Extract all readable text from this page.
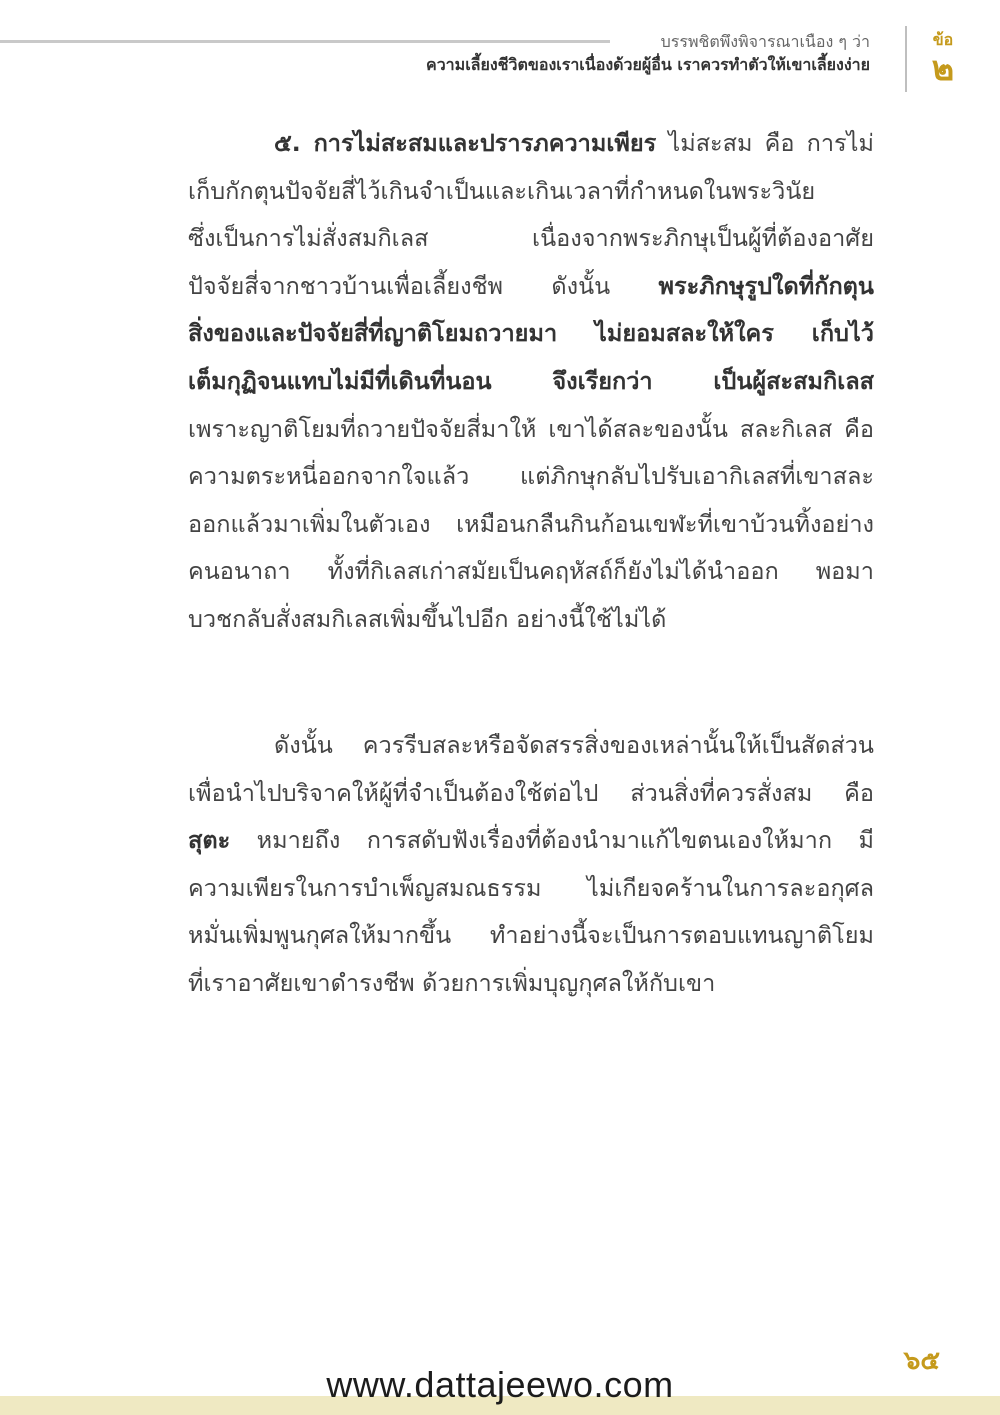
บรรพชิตพึงพิจารณาเนือง ๆ ว่า
ความเลี้ยงชีวิตของเราเนื่องด้วยผู้อื่น เราควรทำตัวให้เขาเลี้ยงง่าย
ข้อ
๒
๕. การไม่สะสมและปรารภความเพียร ไม่สะสม คือ การไม่
เก็บกักตุนปัจจัยสี่ไว้เกินจำเป็นและเกินเวลาที่กำหนดในพระวินัย
ซึ่งเป็นการไม่สั่งสมกิเลส เนื่องจากพระภิกษุเป็นผู้ที่ต้องอาศัย
ปัจจัยสี่จากชาวบ้านเพื่อเลี้ยงชีพ ดังนั้น พระภิกษุรูปใดที่กักตุน
สิ่งของและปัจจัยสี่ที่ญาติโยมถวายมา ไม่ยอมสละให้ใคร เก็บไว้
เต็มกุฏิจนแทบไม่มีที่เดินที่นอน จึงเรียกว่า เป็นผู้สะสมกิเลส
เพราะญาติโยมที่ถวายปัจจัยสี่มาให้ เขาได้สละของนั้น สละกิเลส คือ
ความตระหนี่ออกจากใจแล้ว แต่ภิกษุกลับไปรับเอากิเลสที่เขาสละ
ออกแล้วมาเพิ่มในตัวเอง เหมือนกลืนกินก้อนเขฬะที่เขาบ้วนทิ้งอย่าง
คนอนาถา ทั้งที่กิเลสเก่าสมัยเป็นคฤหัสถ์ก็ยังไม่ได้นำออก พอมา
บวชกลับสั่งสมกิเลสเพิ่มขึ้นไปอีก อย่างนี้ใช้ไม่ได้
ดังนั้น ควรรีบสละหรือจัดสรรสิ่งของเหล่านั้นให้เป็นสัดส่วน
เพื่อนำไปบริจาคให้ผู้ที่จำเป็นต้องใช้ต่อไป ส่วนสิ่งที่ควรสั่งสม คือ
สุตะ หมายถึง การสดับฟังเรื่องที่ต้องนำมาแก้ไขตนเองให้มาก มี
ความเพียรในการบำเพ็ญสมณธรรม ไม่เกียจคร้านในการละอกุศล
หมั่นเพิ่มพูนกุศลให้มากขึ้น ทำอย่างนี้จะเป็นการตอบแทนญาติโยม
ที่เราอาศัยเขาดำรงชีพ ด้วยการเพิ่มบุญกุศลให้กับเขา
๖๕
www.dattajeewo.com
